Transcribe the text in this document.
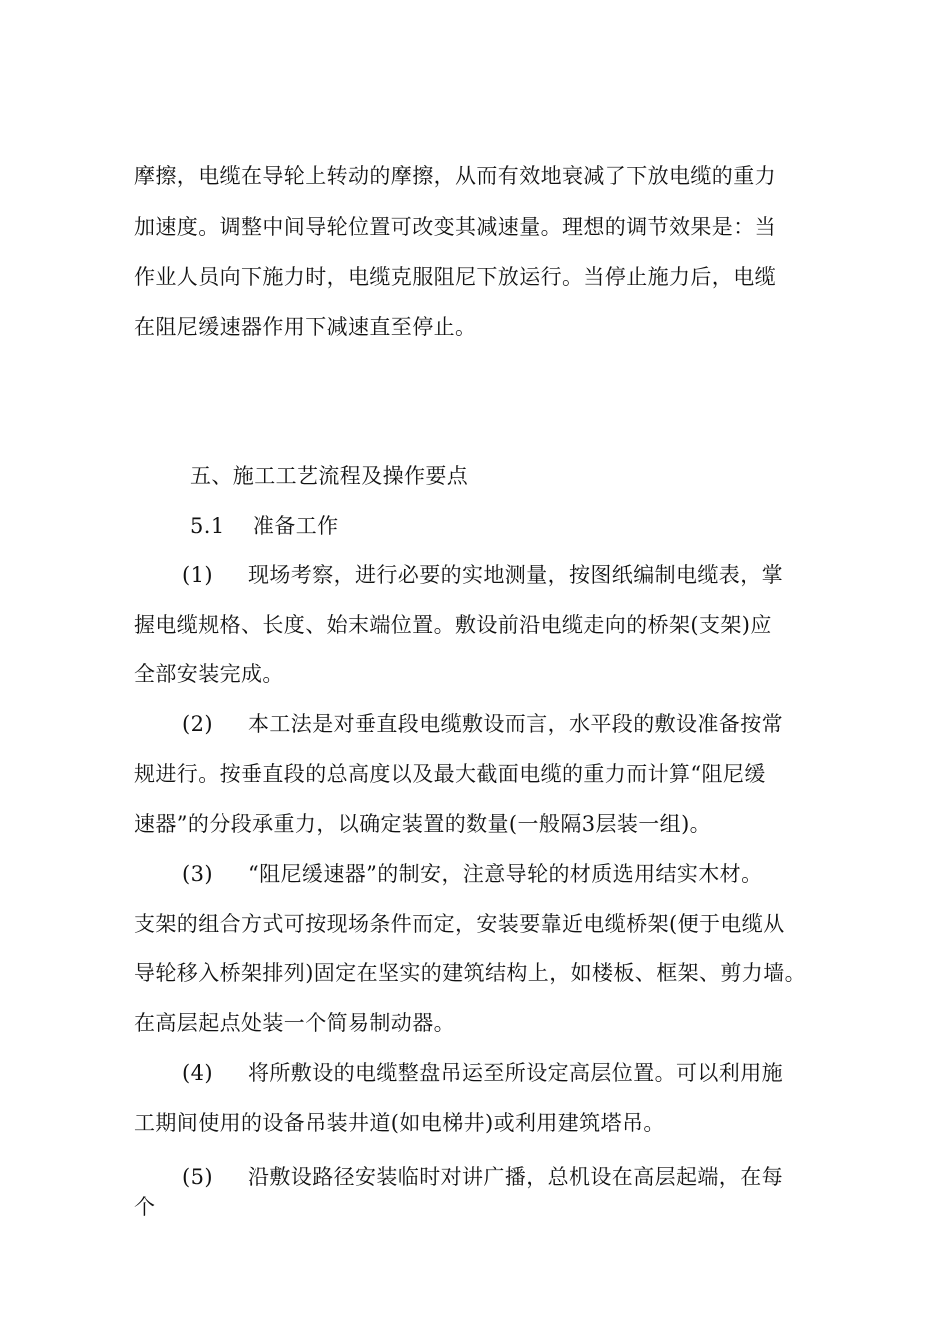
摩擦，电缆在导轮上转动的摩擦，从而有效地衰减了下放电缆的重力
加速度。调整中间导轮位置可改变其减速量。理想的调节效果是：当
作业人员向下施力时，电缆克服阻尼下放运行。当停止施力后，电缆
在阻尼缓速器作用下减速直至停止。
五、施工工艺流程及操作要点
5.1 准备工作
(1) 现场考察，进行必要的实地测量，按图纸编制电缆表，掌
握电缆规格、长度、始末端位置。敷设前沿电缆走向的桥架(支架)应
全部安装完成。
(2) 本工法是对垂直段电缆敷设而言，水平段的敷设准备按常
规进行。按垂直段的总高度以及最大截面电缆的重力而计算“阻尼缓
速器”的分段承重力，以确定装置的数量(一般隔3层装一组)。
(3) “阻尼缓速器”的制安，注意导轮的材质选用结实木材。
支架的组合方式可按现场条件而定，安装要靠近电缆桥架(便于电缆从
导轮移入桥架排列)固定在坚实的建筑结构上，如楼板、框架、剪力墙。
在高层起点处装一个简易制动器。
(4) 将所敷设的电缆整盘吊运至所设定高层位置。可以利用施
工期间使用的设备吊装井道(如电梯井)或利用建筑塔吊。
(5) 沿敷设路径安装临时对讲广播，总机设在高层起端，在每
个
